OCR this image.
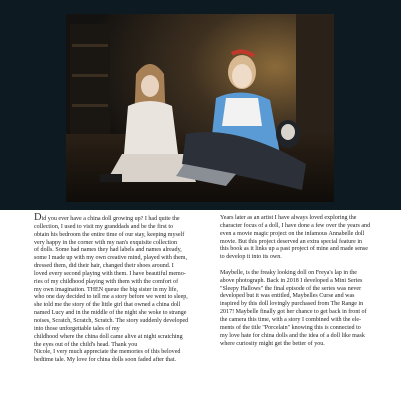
Did you ever have a china doll growing up? I had quite the
collection, I used to visit my granddads and be the first to
obtain his bedroom the entire time of our stay, keeping myself
very happy in the corner with my nan's exquisite collection
of dolls. Some had names they had labels and names already,
some I made up with my own creative mind, played with them,
dressed them, did their hair, changed their shoes around. I
loved every second playing with them. I have beautiful memo-
ries of my childhood playing with them with the comfort of
my own imagination. THEN queue the big sister in my life,
who one day decided to tell me a story before we went to sleep,
she told me the story of the little girl that owned a china doll
named Lucy and in the middle of the night she woke to strange
noises, Scratch, Scratch, Scratch. The story suddenly developed
into those unforgettable tales of my
childhood where the china doll came alive at night scratching
the eyes out of the child's head. Thank you
Nicole, I very much appreciate the memories of this beloved
bedtime tale. My love for china dolls soon faded after that.
Years later as an artist I have always loved exploring the
character focus of a doll, I have done a few over the years and
even a movie magic project on the infamous Annabelle doll
movie. But this project deserved an extra special feature in
this book as it links up a past project of mine and made sense
to develop it into its own.
Maybelle, is the freaky looking doll on Freya's lap in the
above photograph. Back in 2018 I developed a Mini Series
"Sleepy Hallows" the final episode of the series was never
developed but it was entitled, Maybelles Curse and was
inspired by this doll lovingly purchased from The Range in
2017! Maybelle finally got her chance to get back in front of
the camera this time, with a story I combined with the ele-
ments of the title "Porcelain" knowing this is connected to
my love hate for china dolls and the idea of a doll like mask
where curiosity might get the better of you.
